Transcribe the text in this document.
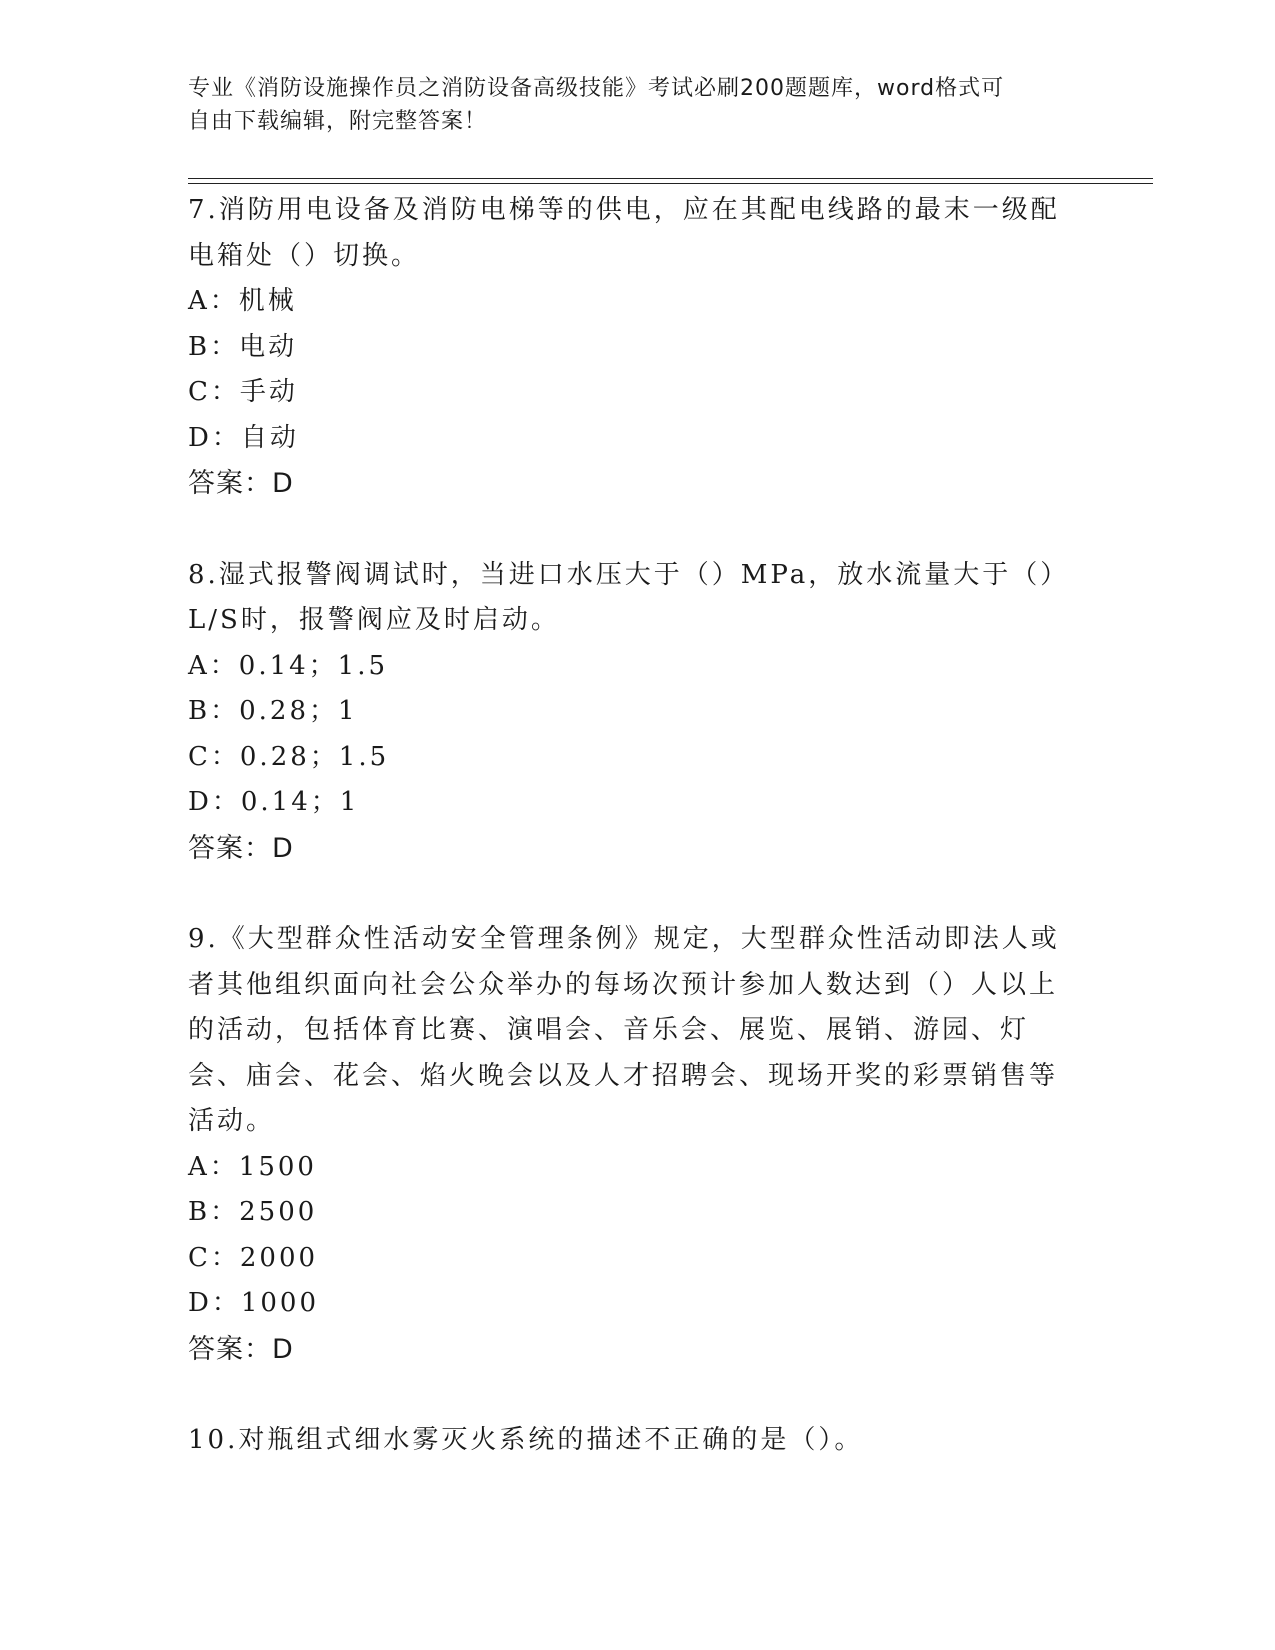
专业《消防设施操作员之消防设备高级技能》考试必刷200题题库，word格式可
自由下载编辑，附完整答案！
7.消防用电设备及消防电梯等的供电，应在其配电线路的最末一级配电箱处（）切换。
A：机械
B：电动
C：手动
D：自动
答案：D
8.湿式报警阀调试时，当进口水压大于（）MPa，放水流量大于（）L/S时，报警阀应及时启动。
A：0.14；1.5
B：0.28；1
C：0.28；1.5
D：0.14；1
答案：D
9.《大型群众性活动安全管理条例》规定，大型群众性活动即法人或者其他组织面向社会公众举办的每场次预计参加人数达到（）人以上的活动，包括体育比赛、演唱会、音乐会、展览、展销、游园、灯会、庙会、花会、焰火晚会以及人才招聘会、现场开奖的彩票销售等活动。
A：1500
B：2500
C：2000
D：1000
答案：D
10.对瓶组式细水雾灭火系统的描述不正确的是（）。
